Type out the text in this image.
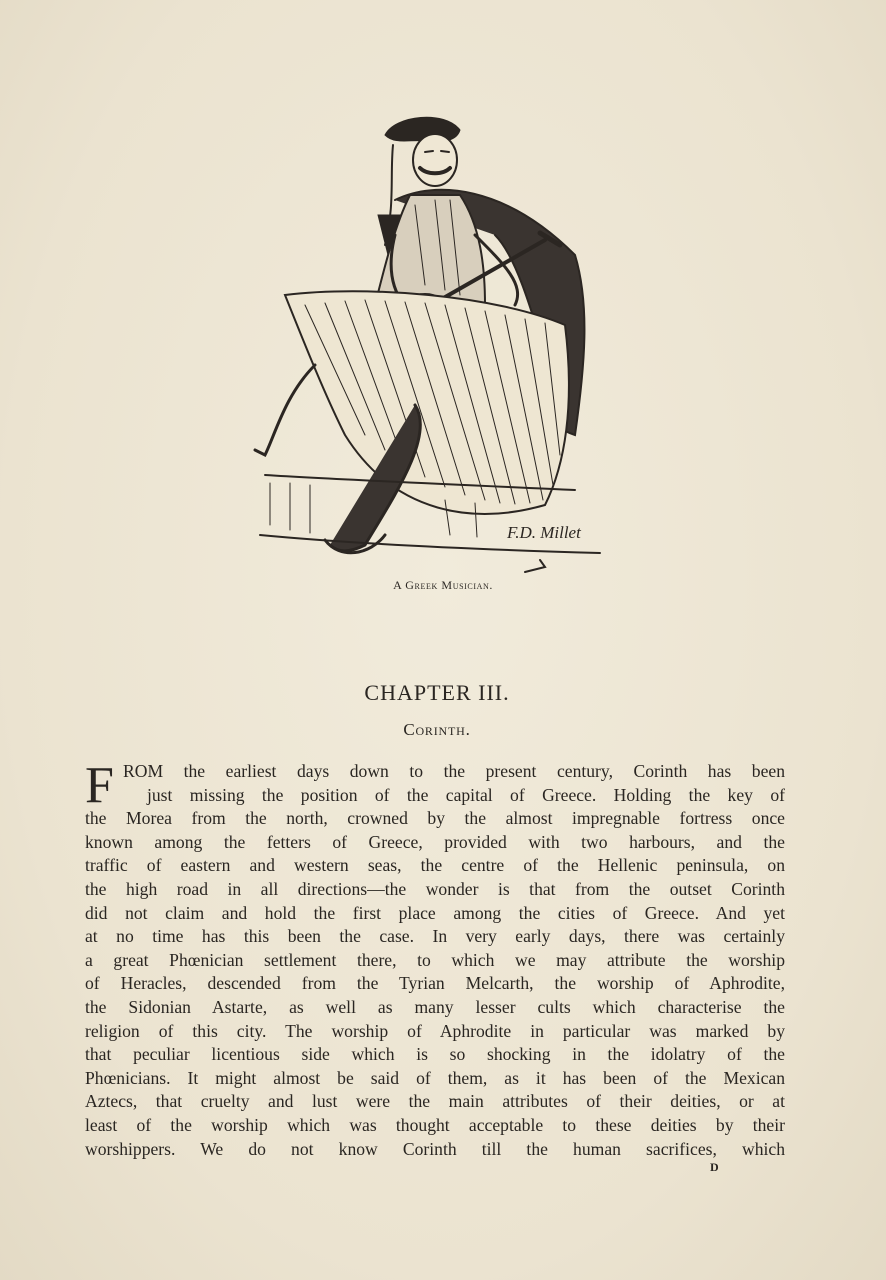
F.D. Millet
A Greek Musician.
CHAPTER III.
Corinth.
F ROM the earliest days down to the present century, Corinth has been
just missing the position of the capital of Greece. Holding the key of
the Morea from the north, crowned by the almost impregnable fortress once
known among the fetters of Greece, provided with two harbours, and the
traffic of eastern and western seas, the centre of the Hellenic peninsula, on
the high road in all directions—the wonder is that from the outset Corinth
did not claim and hold the first place among the cities of Greece. And yet
at no time has this been the case. In very early days, there was certainly
a great Phœnician settlement there, to which we may attribute the worship
of Heracles, descended from the Tyrian Melcarth, the worship of Aphrodite,
the Sidonian Astarte, as well as many lesser cults which characterise the
religion of this city. The worship of Aphrodite in particular was marked by
that peculiar licentious side which is so shocking in the idolatry of the
Phœnicians. It might almost be said of them, as it has been of the Mexican
Aztecs, that cruelty and lust were the main attributes of their deities, or at
least of the worship which was thought acceptable to these deities by their
worshippers. We do not know Corinth till the human sacrifices, which
D
